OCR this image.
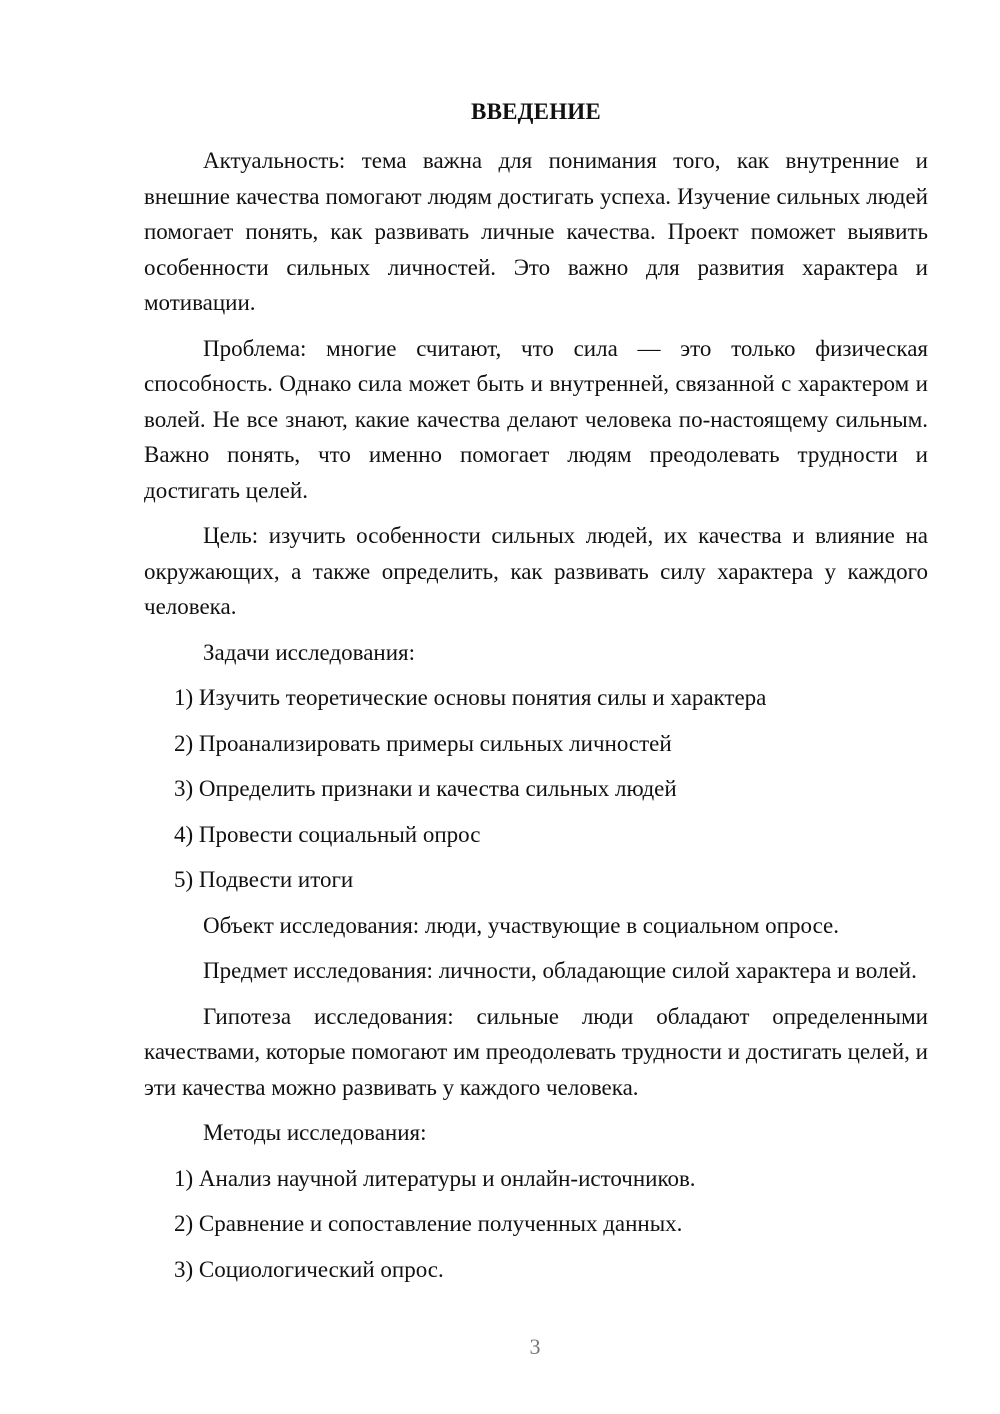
ВВЕДЕНИЕ

Актуальность: тема важна для понимания того, как внутренние и внешние качества помогают людям достигать успеха. Изучение сильных людей помогает понять, как развивать личные качества. Проект поможет выявить особенности сильных личностей. Это важно для развития характера и мотивации.

Проблема: многие считают, что сила — это только физическая способность. Однако сила может быть и внутренней, связанной с характером и волей. Не все знают, какие качества делают человека по-настоящему сильным. Важно понять, что именно помогает людям преодолевать трудности и достигать целей.

Цель: изучить особенности сильных людей, их качества и влияние на окружающих, а также определить, как развивать силу характера у каждого человека.

Задачи исследования:

1) Изучить теоретические основы понятия силы и характера
2) Проанализировать примеры сильных личностей
3) Определить признаки и качества сильных людей
4) Провести социальный опрос
5) Подвести итоги

Объект исследования: люди, участвующие в социальном опросе.

Предмет исследования: личности, обладающие силой характера и волей.

Гипотеза исследования: сильные люди обладают определенными качествами, которые помогают им преодолевать трудности и достигать целей, и эти качества можно развивать у каждого человека.

Методы исследования:

1) Анализ научной литературы и онлайн-источников.
2) Сравнение и сопоставление полученных данных.
3) Социологический опрос.
3
